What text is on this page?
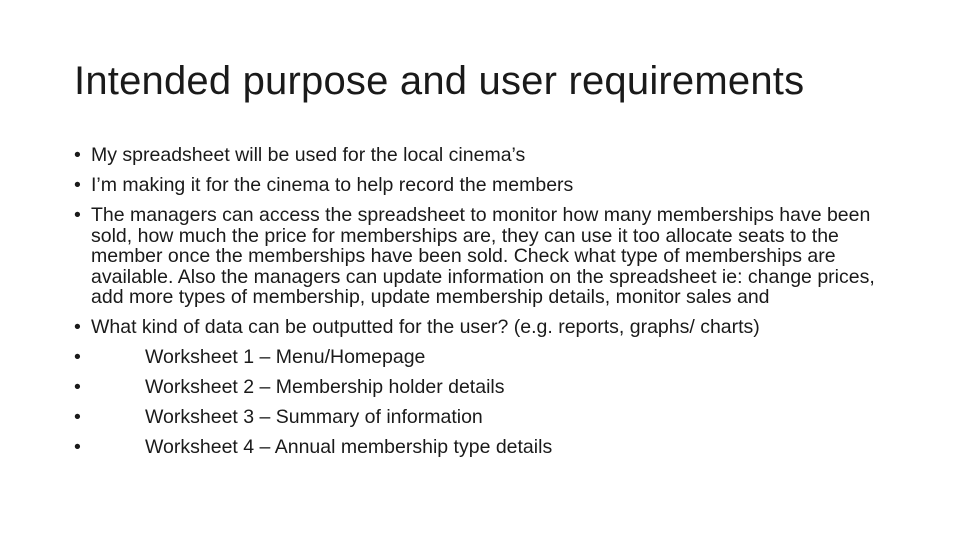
Intended purpose and user requirements
• My spreadsheet will be used for the local cinema’s
• I’m making it for the cinema to help record the members
• The managers can access the spreadsheet to monitor how many memberships have been sold, how much the price for memberships are, they can use it too allocate seats to the member once the memberships have been sold. Check what type of memberships are available. Also the managers can update information on the spreadsheet ie: change prices, add more types of membership, update membership details, monitor sales and
• What kind of data can be outputted for the user? (e.g. reports, graphs/ charts)
•	Worksheet 1 – Menu/Homepage
•	Worksheet 2 – Membership holder details
•	Worksheet 3 – Summary of information
•	Worksheet 4 – Annual membership type details
